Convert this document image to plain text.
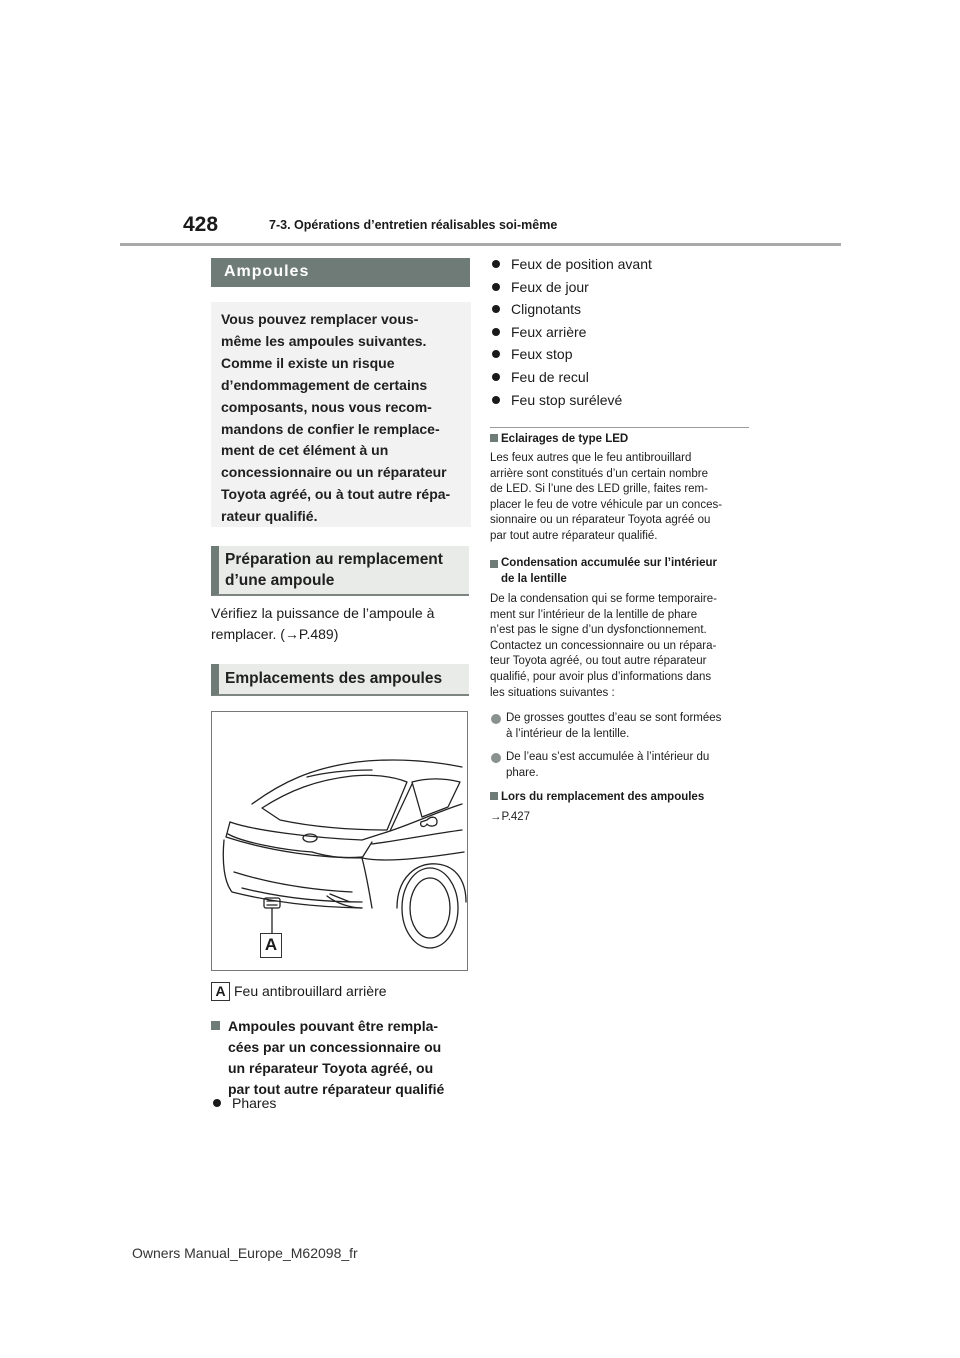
428	7-3. Opérations d’entretien réalisables soi-même
Ampoules
Vous pouvez remplacer vous-
même les ampoules suivantes.
Comme il existe un risque
d’endommagement de certains
composants, nous vous recom-
mandons de confier le remplace-
ment de cet élément à un
concessionnaire ou un réparateur
Toyota agréé, ou à tout autre répa-
rateur qualifié.
Préparation au remplacement
d’une ampoule
Vérifiez la puissance de l’ampoule à
remplacer. (→P.489)
Emplacements des ampoules
A
A Feu antibrouillard arrière
Ampoules pouvant être rempla-
cées par un concessionnaire ou
un réparateur Toyota agréé, ou
par tout autre réparateur qualifié
Phares
Feux de position avant
Feux de jour
Clignotants
Feux arrière
Feux stop
Feu de recul
Feu stop surélevé
Eclairages de type LED
Les feux autres que le feu antibrouillard
arrière sont constitués d’un certain nombre
de LED. Si l’une des LED grille, faites rem-
placer le feu de votre véhicule par un conces-
sionnaire ou un réparateur Toyota agréé ou
par tout autre réparateur qualifié.
Condensation accumulée sur l’intérieur
de la lentille
De la condensation qui se forme temporaire-
ment sur l’intérieur de la lentille de phare
n’est pas le signe d’un dysfonctionnement.
Contactez un concessionnaire ou un répara-
teur Toyota agréé, ou tout autre réparateur
qualifié, pour avoir plus d’informations dans
les situations suivantes :
De grosses gouttes d’eau se sont formées
à l’intérieur de la lentille.
De l’eau s’est accumulée à l’intérieur du
phare.
Lors du remplacement des ampoules
→P.427
Owners Manual_Europe_M62098_fr
